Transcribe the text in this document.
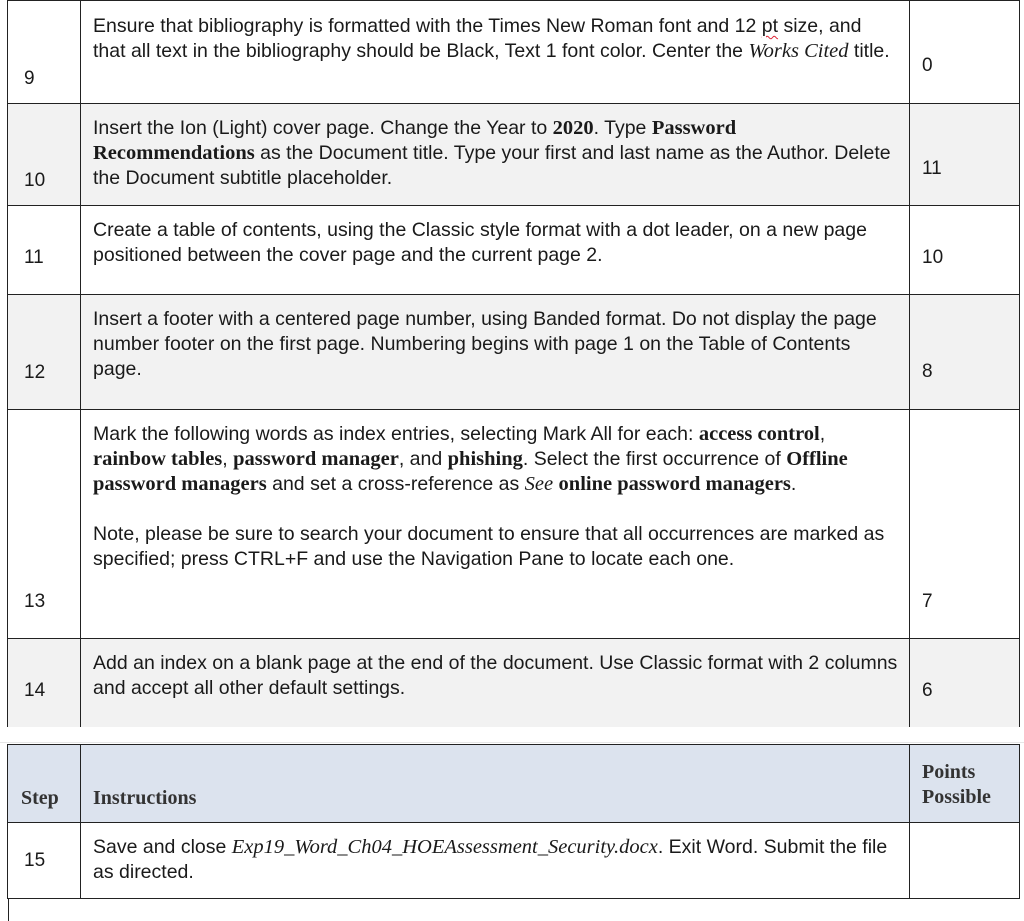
9	Ensure that bibliography is formatted with the Times New Roman font and 12 pt size, and that all text in the bibliography should be Black, Text 1 font color. Center the Works Cited title.	0
10	Insert the Ion (Light) cover page. Change the Year to 2020. Type Password Recommendations as the Document title. Type your first and last name as the Author. Delete the Document subtitle placeholder.	11
11	Create a table of contents, using the Classic style format with a dot leader, on a new page positioned between the cover page and the current page 2.	10
12	Insert a footer with a centered page number, using Banded format. Do not display the page number footer on the first page. Numbering begins with page 1 on the Table of Contents page.	8
13	Mark the following words as index entries, selecting Mark All for each: access control, rainbow tables, password manager, and phishing. Select the first occurrence of Offline password managers and set a cross-reference as See online password managers.

Note, please be sure to search your document to ensure that all occurrences are marked as specified; press CTRL+F and use the Navigation Pane to locate each one.	7
14	Add an index on a blank page at the end of the document. Use Classic format with 2 columns and accept all other default settings.	6
Step	Instructions	Points Possible
15	Save and close Exp19_Word_Ch04_HOEAssessment_Security.docx. Exit Word. Submit the file as directed.	
